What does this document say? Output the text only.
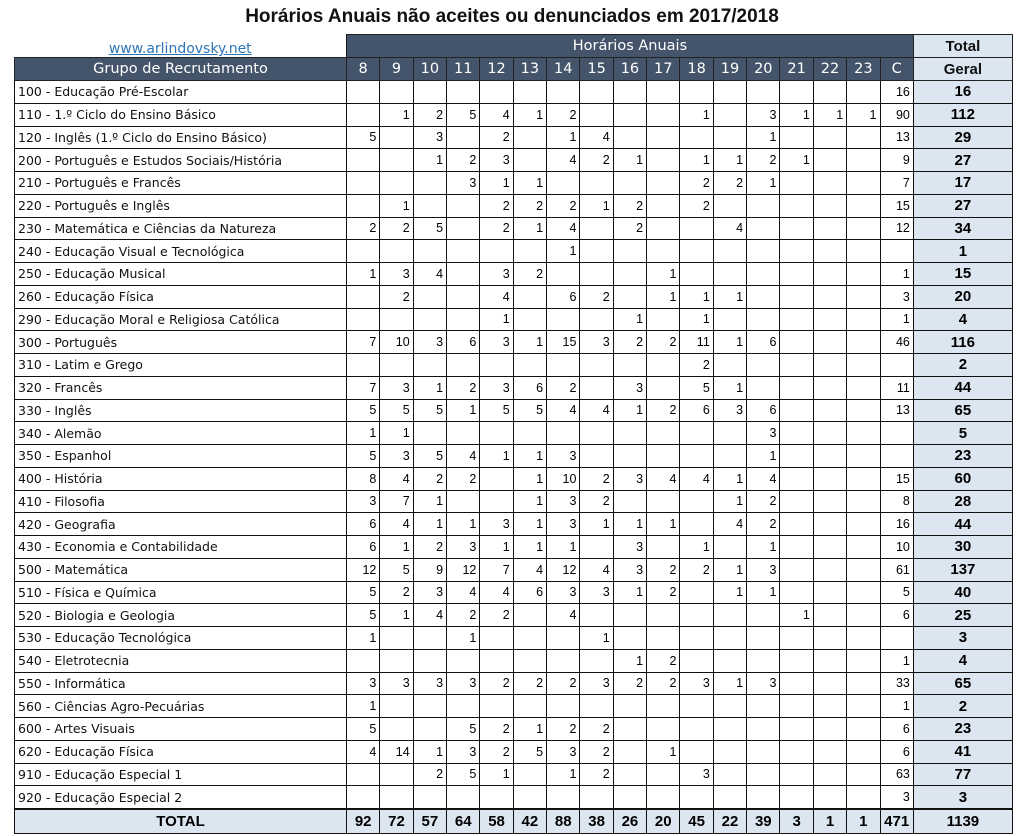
Horários Anuais não aceites ou denunciados em 2017/2018
www.arlindovsky.net	Horários Anuais																	Total
Grupo de Recrutamento	8	9	10	11	12	13	14	15	16	17	18	19	20	21	22	23	C	Geral
100 - Educação Pré-Escolar																	16	16
110 - 1.º Ciclo do Ensino Básico		1	2	5	4	1	2				1		3	1	1	1	90	112
120 - Inglês (1.º Ciclo do Ensino Básico)	5		3		2		1	4					1				13	29
200 - Português e Estudos Sociais/História			1	2	3		4	2	1		1	1	2	1			9	27
210 - Português e Francês				3	1	1					2	2	1				7	17
220 - Português e Inglês		1			2	2	2	1	2		2						15	27
230 - Matemática e Ciências da Natureza	2	2	5		2	1	4		2			4					12	34
240 - Educação Visual e Tecnológica							1											1
250 - Educação Musical	1	3	4		3	2				1							1	15
260 - Educação Física		2			4		6	2		1	1	1					3	20
290 - Educação Moral e Religiosa Católica					1				1		1						1	4
300 - Português	7	10	3	6	3	1	15	3	2	2	11	1	6				46	116
310 - Latim e Grego											2							2
320 - Francês	7	3	1	2	3	6	2		3		5	1					11	44
330 - Inglês	5	5	5	1	5	5	4	4	1	2	6	3	6				13	65
340 - Alemão	1	1											3					5
350 - Espanhol	5	3	5	4	1	1	3						1					23
400 - História	8	4	2	2		1	10	2	3	4	4	1	4				15	60
410 - Filosofia	3	7	1			1	3	2				1	2				8	28
420 - Geografia	6	4	1	1	3	1	3	1	1	1		4	2				16	44
430 - Economia e Contabilidade	6	1	2	3	1	1	1		3		1		1				10	30
500 - Matemática	12	5	9	12	7	4	12	4	3	2	2	1	3				61	137
510 - Física e Química	5	2	3	4	4	6	3	3	1	2		1	1				5	40
520 - Biologia e Geologia	5	1	4	2	2		4							1			6	25
530 - Educação Tecnológica	1			1				1										3
540 - Eletrotecnia									1	2							1	4
550 - Informática	3	3	3	3	2	2	2	3	2	2	3	1	3				33	65
560 - Ciências Agro-Pecuárias	1																1	2
600 - Artes Visuais	5			5	2	1	2	2									6	23
620 - Educação Física	4	14	1	3	2	5	3	2		1							6	41
910 - Educação Especial 1			2	5	1		1	2			3						63	77
920 - Educação Especial 2																	3	3
TOTAL	92	72	57	64	58	42	88	38	26	20	45	22	39	3	1	1	471	1139
